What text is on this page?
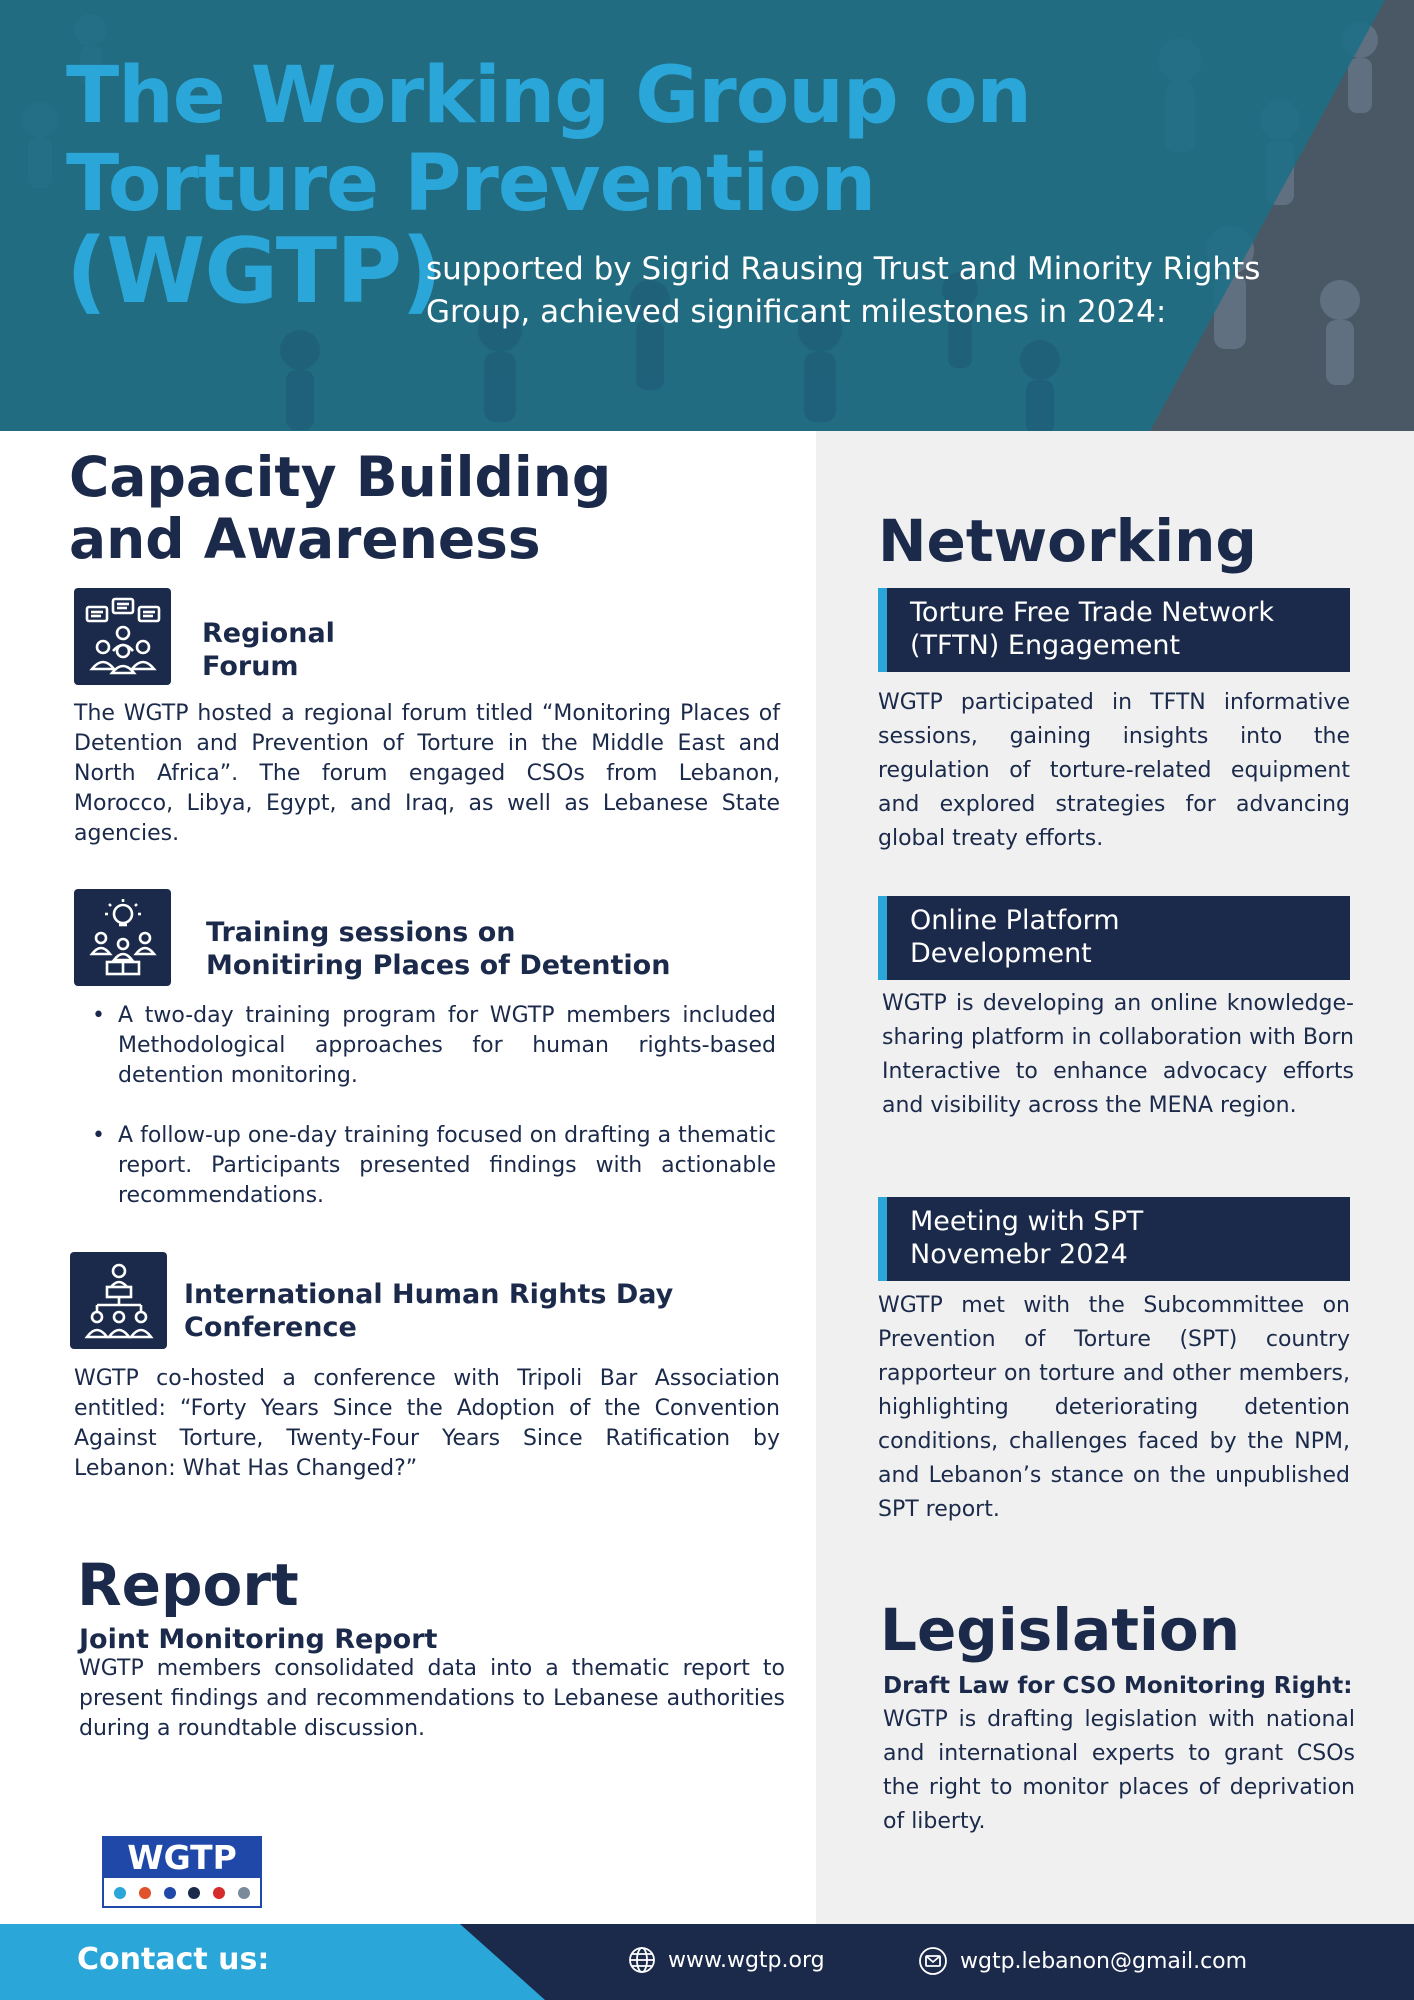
The Working Group on
Torture Prevention
(WGTP)
supported by Sigrid Rausing Trust and Minority Rights Group, achieved significant milestones in 2024:
Capacity Building
and Awareness
Regional
Forum
The WGTP hosted a regional forum titled “Monitoring Places of Detention and Prevention of Torture in the Middle East and North Africa”. The forum engaged CSOs from Lebanon, Morocco, Libya, Egypt, and Iraq, as well as Lebanese State agencies.
Training sessions on
Monitiring Places of Detention
• A two-day training program for WGTP members included Methodological approaches for human rights-based detention monitoring.
• A follow-up one-day training focused on drafting a thematic report. Participants presented findings with actionable recommendations.
International Human Rights Day
Conference
WGTP co-hosted a conference with Tripoli Bar Association entitled: “Forty Years Since the Adoption of the Convention Against Torture, Twenty-Four Years Since Ratification by Lebanon: What Has Changed?”
Report
Joint Monitoring Report
WGTP members consolidated data into a thematic report to present findings and recommendations to Lebanese authorities during a roundtable discussion.
WGTP
Networking
Torture Free Trade Network
(TFTN) Engagement
WGTP participated in TFTN informative sessions, gaining insights into the regulation of torture-related equipment and explored strategies for advancing global treaty efforts.
Online Platform
Development
WGTP is developing an online knowledge-sharing platform in collaboration with Born Interactive to enhance advocacy efforts and visibility across the MENA region.
Meeting with SPT
Novemebr 2024
WGTP met with the Subcommittee on Prevention of Torture (SPT) country rapporteur on torture and other members, highlighting deteriorating detention conditions, challenges faced by the NPM, and Lebanon’s stance on the unpublished SPT report.
Legislation
Draft Law for CSO Monitoring Right:
WGTP is drafting legislation with national and international experts to grant CSOs the right to monitor places of deprivation of liberty.
Contact us:	www.wgtp.org	wgtp.lebanon@gmail.com
